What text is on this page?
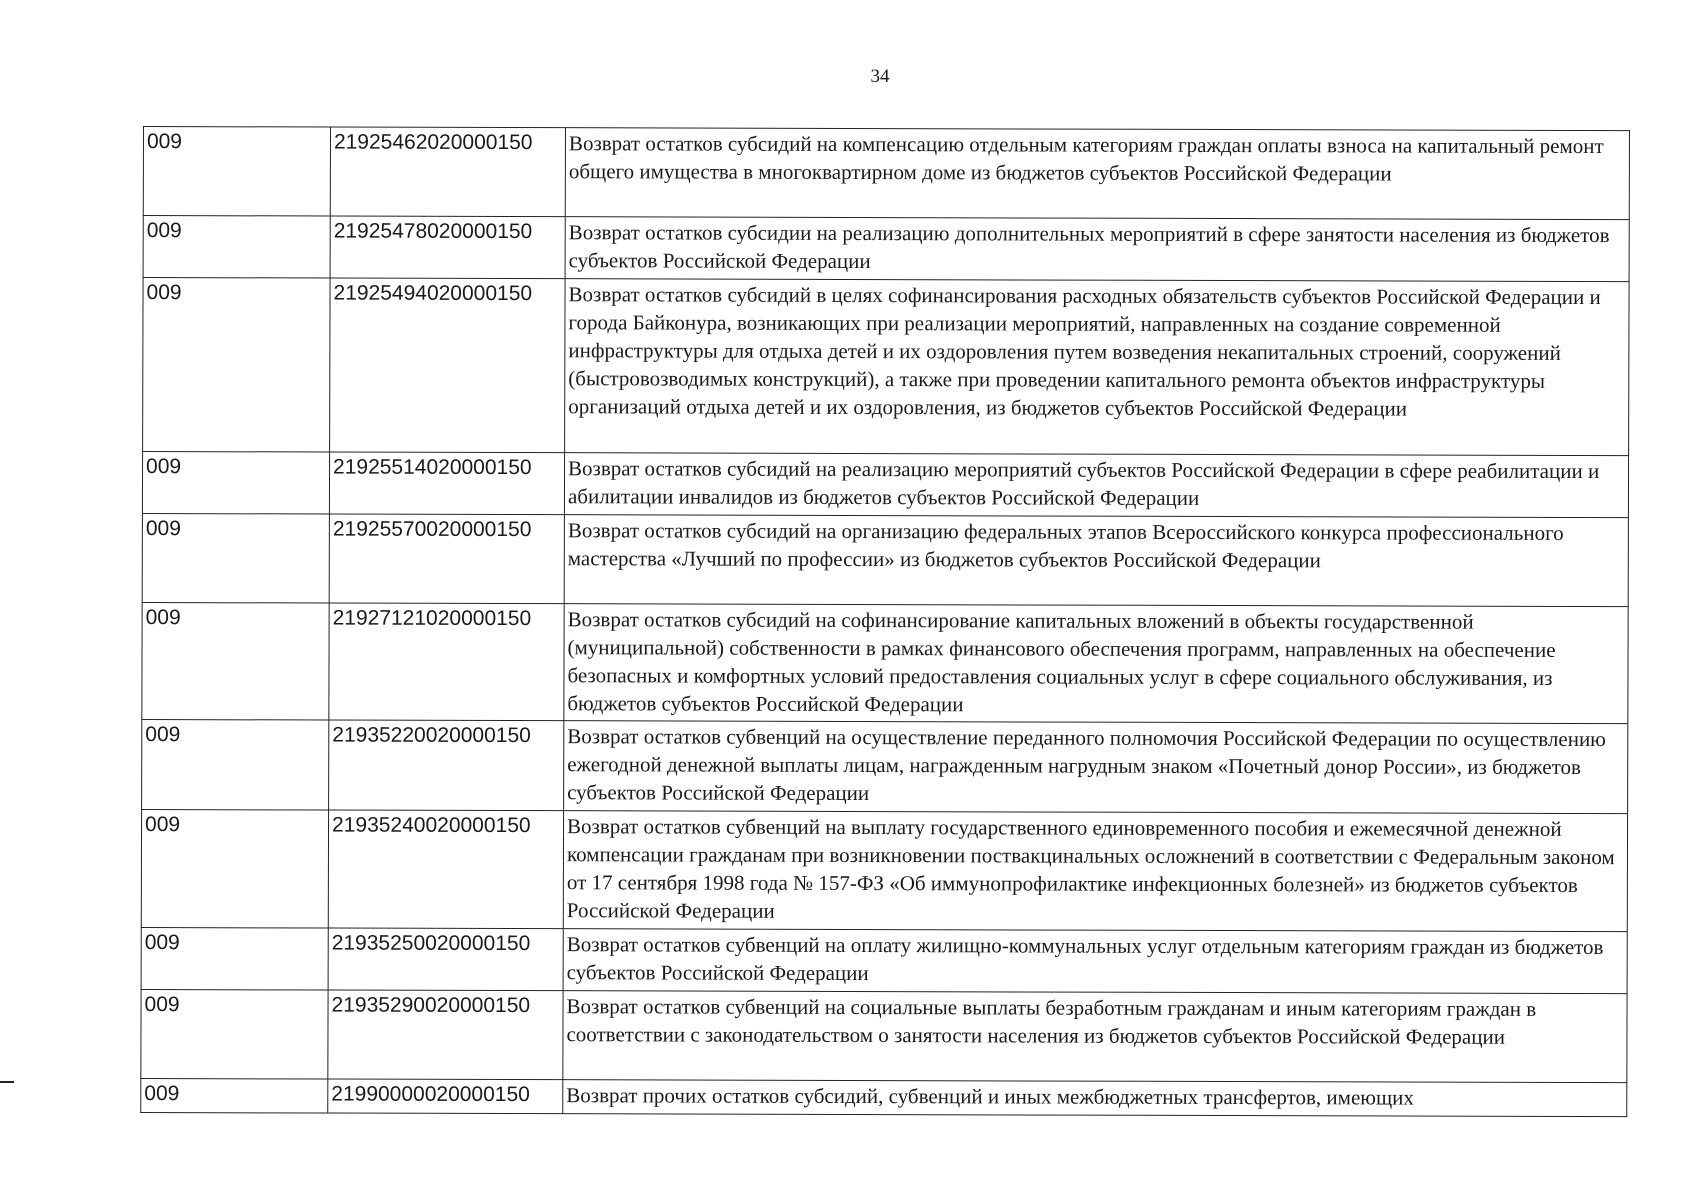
34
009	21925462020000150	Возврат остатков субсидий на компенсацию отдельным категориям граждан оплаты взноса на капитальный ремонт общего имущества в многоквартирном доме из бюджетов субъектов Российской Федерации
009	21925478020000150	Возврат остатков субсидии на реализацию дополнительных мероприятий в сфере занятости населения из бюджетов субъектов Российской Федерации
009	21925494020000150	Возврат остатков субсидий в целях софинансирования расходных обязательств субъектов Российской Федерации и города Байконура, возникающих при реализации мероприятий, направленных на создание современной инфраструктуры для отдыха детей и их оздоровления путем возведения некапитальных строений, сооружений (быстровозводимых конструкций), а также при проведении капитального ремонта объектов инфраструктуры организаций отдыха детей и их оздоровления, из бюджетов субъектов Российской Федерации
009	21925514020000150	Возврат остатков субсидий на реализацию мероприятий субъектов Российской Федерации в сфере реабилитации и абилитации инвалидов из бюджетов субъектов Российской Федерации
009	21925570020000150	Возврат остатков субсидий на организацию федеральных этапов Всероссийского конкурса профессионального мастерства «Лучший по профессии» из бюджетов субъектов Российской Федерации
009	21927121020000150	Возврат остатков субсидий на софинансирование капитальных вложений в объекты государственной (муниципальной) собственности в рамках финансового обеспечения программ, направленных на обеспечение безопасных и комфортных условий предоставления социальных услуг в сфере социального обслуживания, из бюджетов субъектов Российской Федерации
009	21935220020000150	Возврат остатков субвенций на осуществление переданного полномочия Российской Федерации по осуществлению ежегодной денежной выплаты лицам, награжденным нагрудным знаком «Почетный донор России», из бюджетов субъектов Российской Федерации
009	21935240020000150	Возврат остатков субвенций на выплату государственного единовременного пособия и ежемесячной денежной компенсации гражданам при возникновении поствакцинальных осложнений в соответствии с Федеральным законом от 17 сентября 1998 года № 157-ФЗ «Об иммунопрофилактике инфекционных болезней» из бюджетов субъектов Российской Федерации
009	21935250020000150	Возврат остатков субвенций на оплату жилищно-коммунальных услуг отдельным категориям граждан из бюджетов субъектов Российской Федерации
009	21935290020000150	Возврат остатков субвенций на социальные выплаты безработным гражданам и иным категориям граждан в соответствии с законодательством о занятости населения из бюджетов субъектов Российской Федерации
009	21990000020000150	Возврат прочих остатков субсидий, субвенций и иных межбюджетных трансфертов, имеющих
